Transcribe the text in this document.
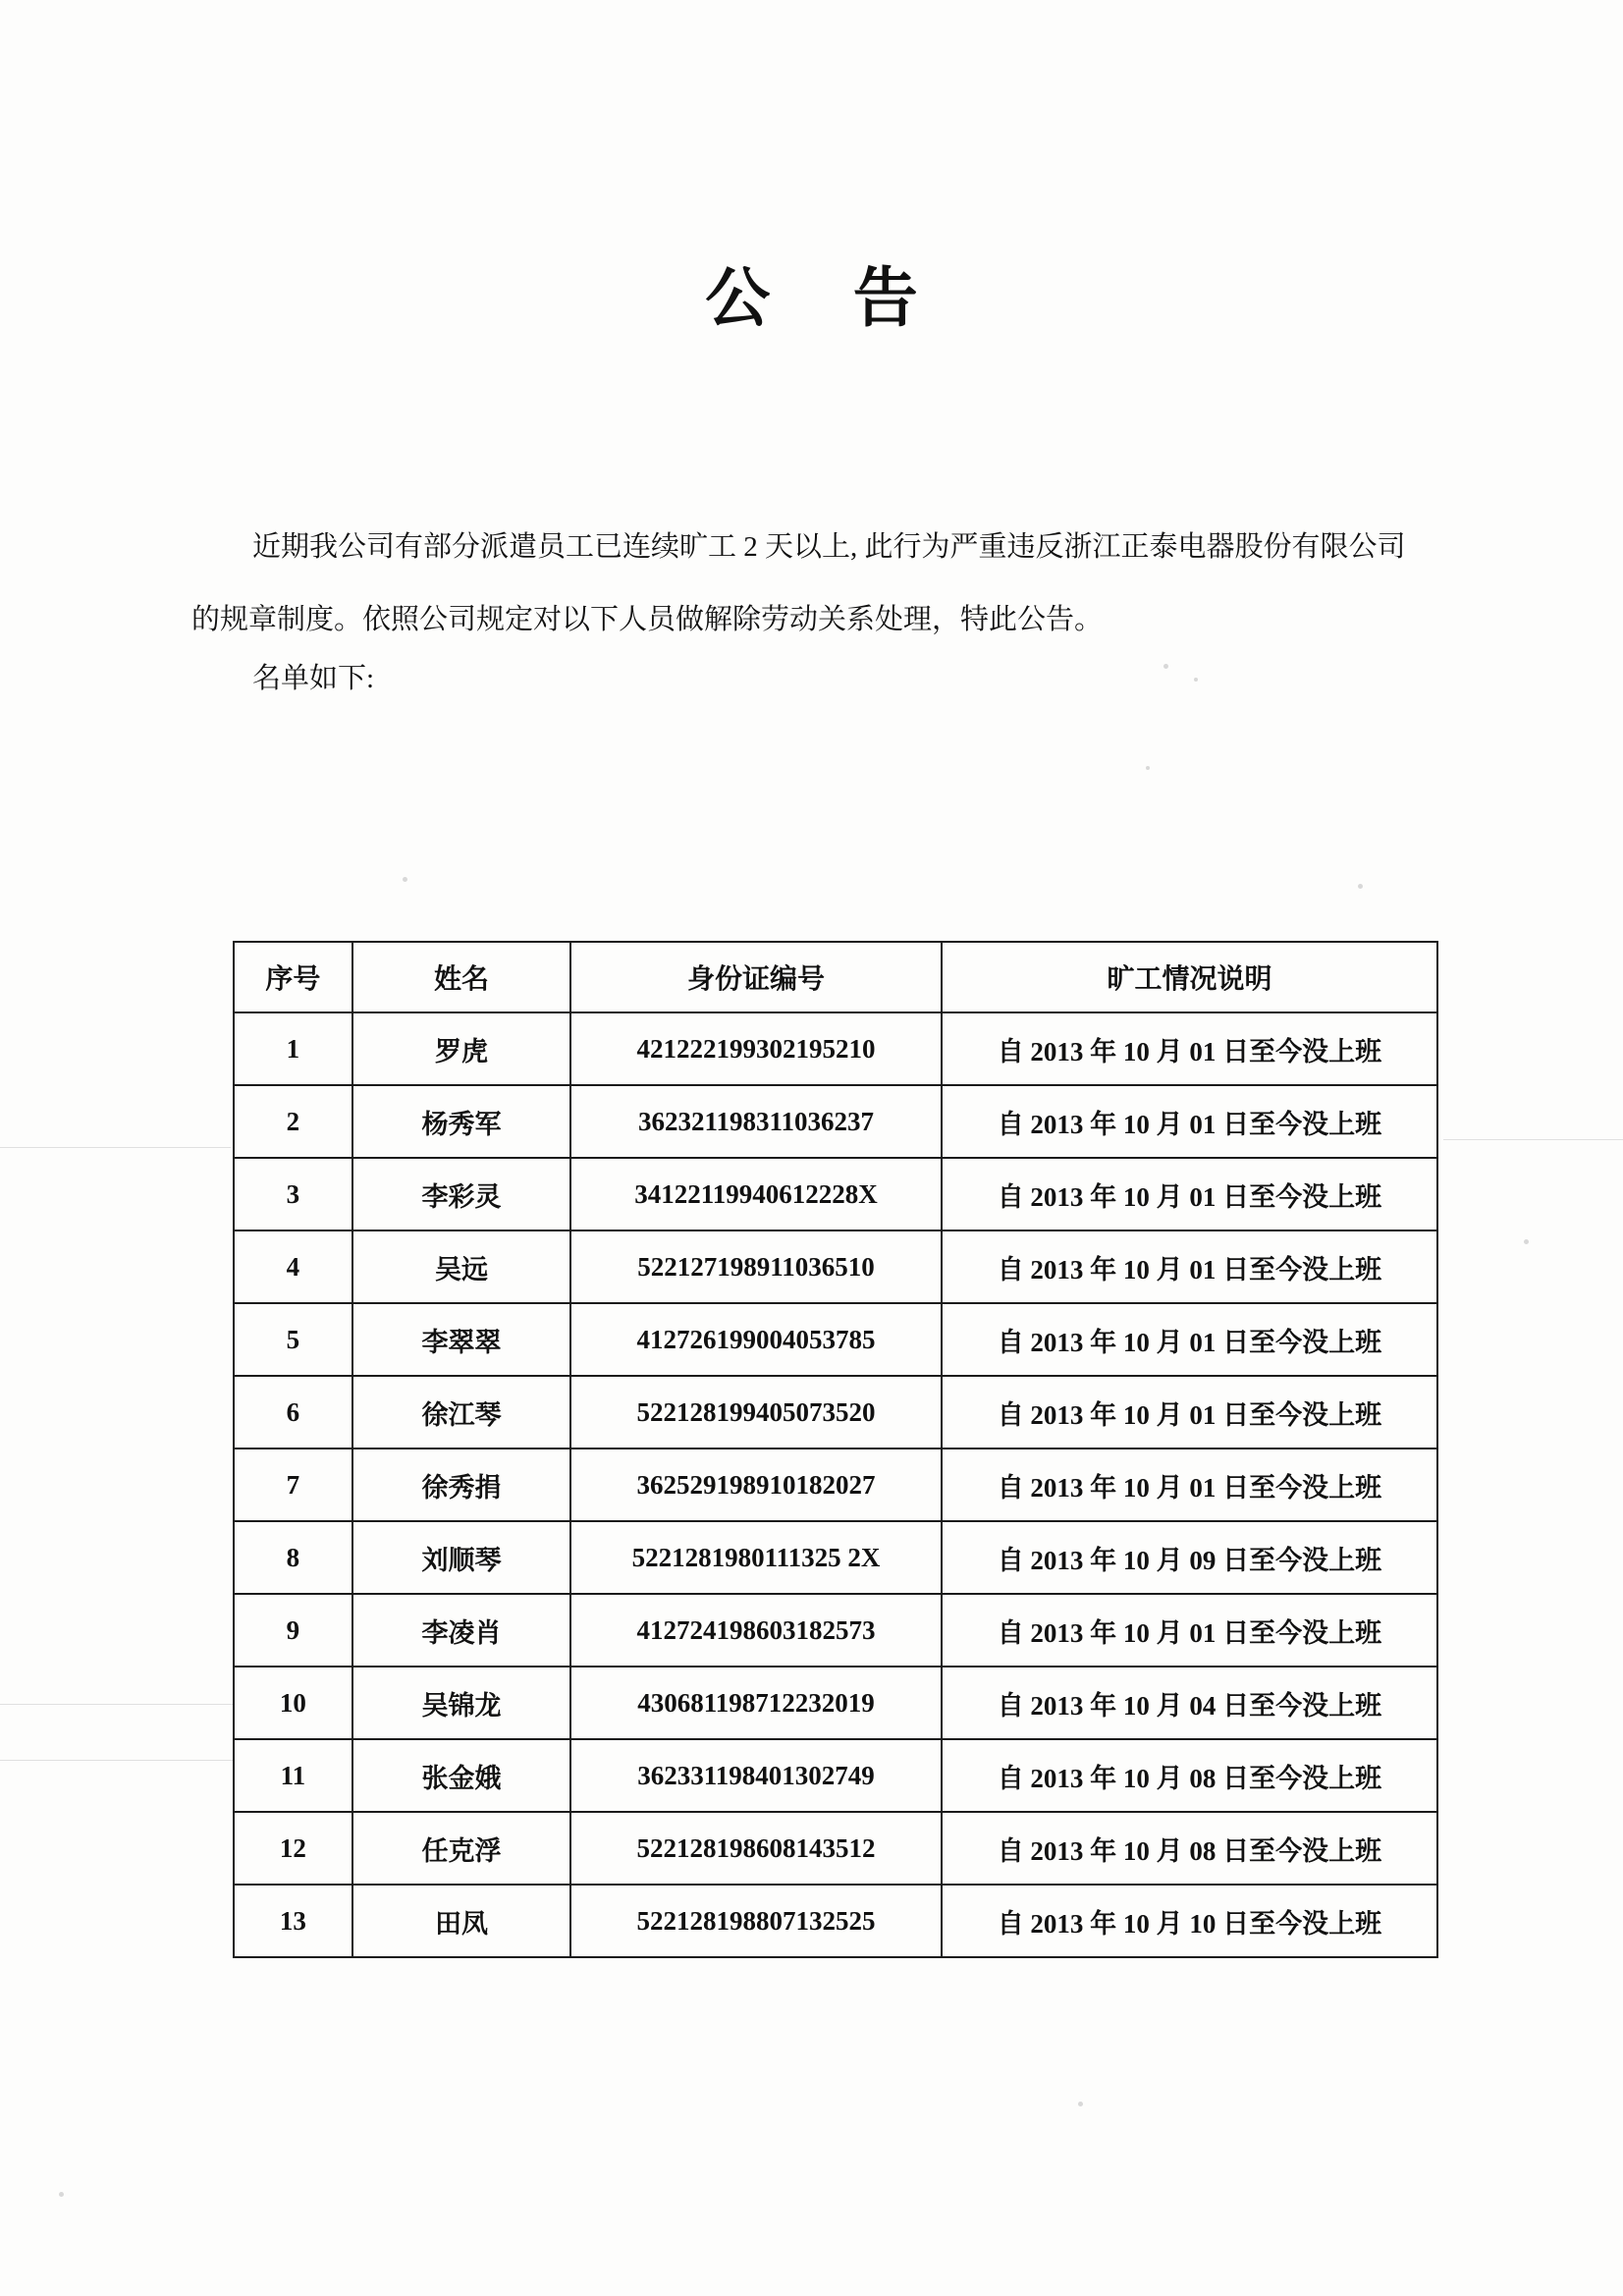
公 告

近期我公司有部分派遣员工已连续旷工 2 天以上, 此行为严重违反浙江正泰电器股份有限公司的规章制度。依照公司规定对以下人员做解除劳动关系处理，特此公告。

名单如下:
序号	姓名	身份证编号	旷工情况说明
1	罗虎	421222199302195210	自 2013 年 10 月 01 日至今没上班
2	杨秀军	362321198311036237	自 2013 年 10 月 01 日至今没上班
3	李彩灵	34122119940612228X	自 2013 年 10 月 01 日至今没上班
4	吴远	522127198911036510	自 2013 年 10 月 01 日至今没上班
5	李翠翠	412726199004053785	自 2013 年 10 月 01 日至今没上班
6	徐江琴	522128199405073520	自 2013 年 10 月 01 日至今没上班
7	徐秀捐	362529198910182027	自 2013 年 10 月 01 日至今没上班
8	刘顺琴	5221281980111325 2X	自 2013 年 10 月 09 日至今没上班
9	李凌肖	412724198603182573	自 2013 年 10 月 01 日至今没上班
10	吴锦龙	430681198712232019	自 2013 年 10 月 04 日至今没上班
11	张金娥	362331198401302749	自 2013 年 10 月 08 日至今没上班
12	任克浮	522128198608143512	自 2013 年 10 月 08 日至今没上班
13	田凤	522128198807132525	自 2013 年 10 月 10 日至今没上班
